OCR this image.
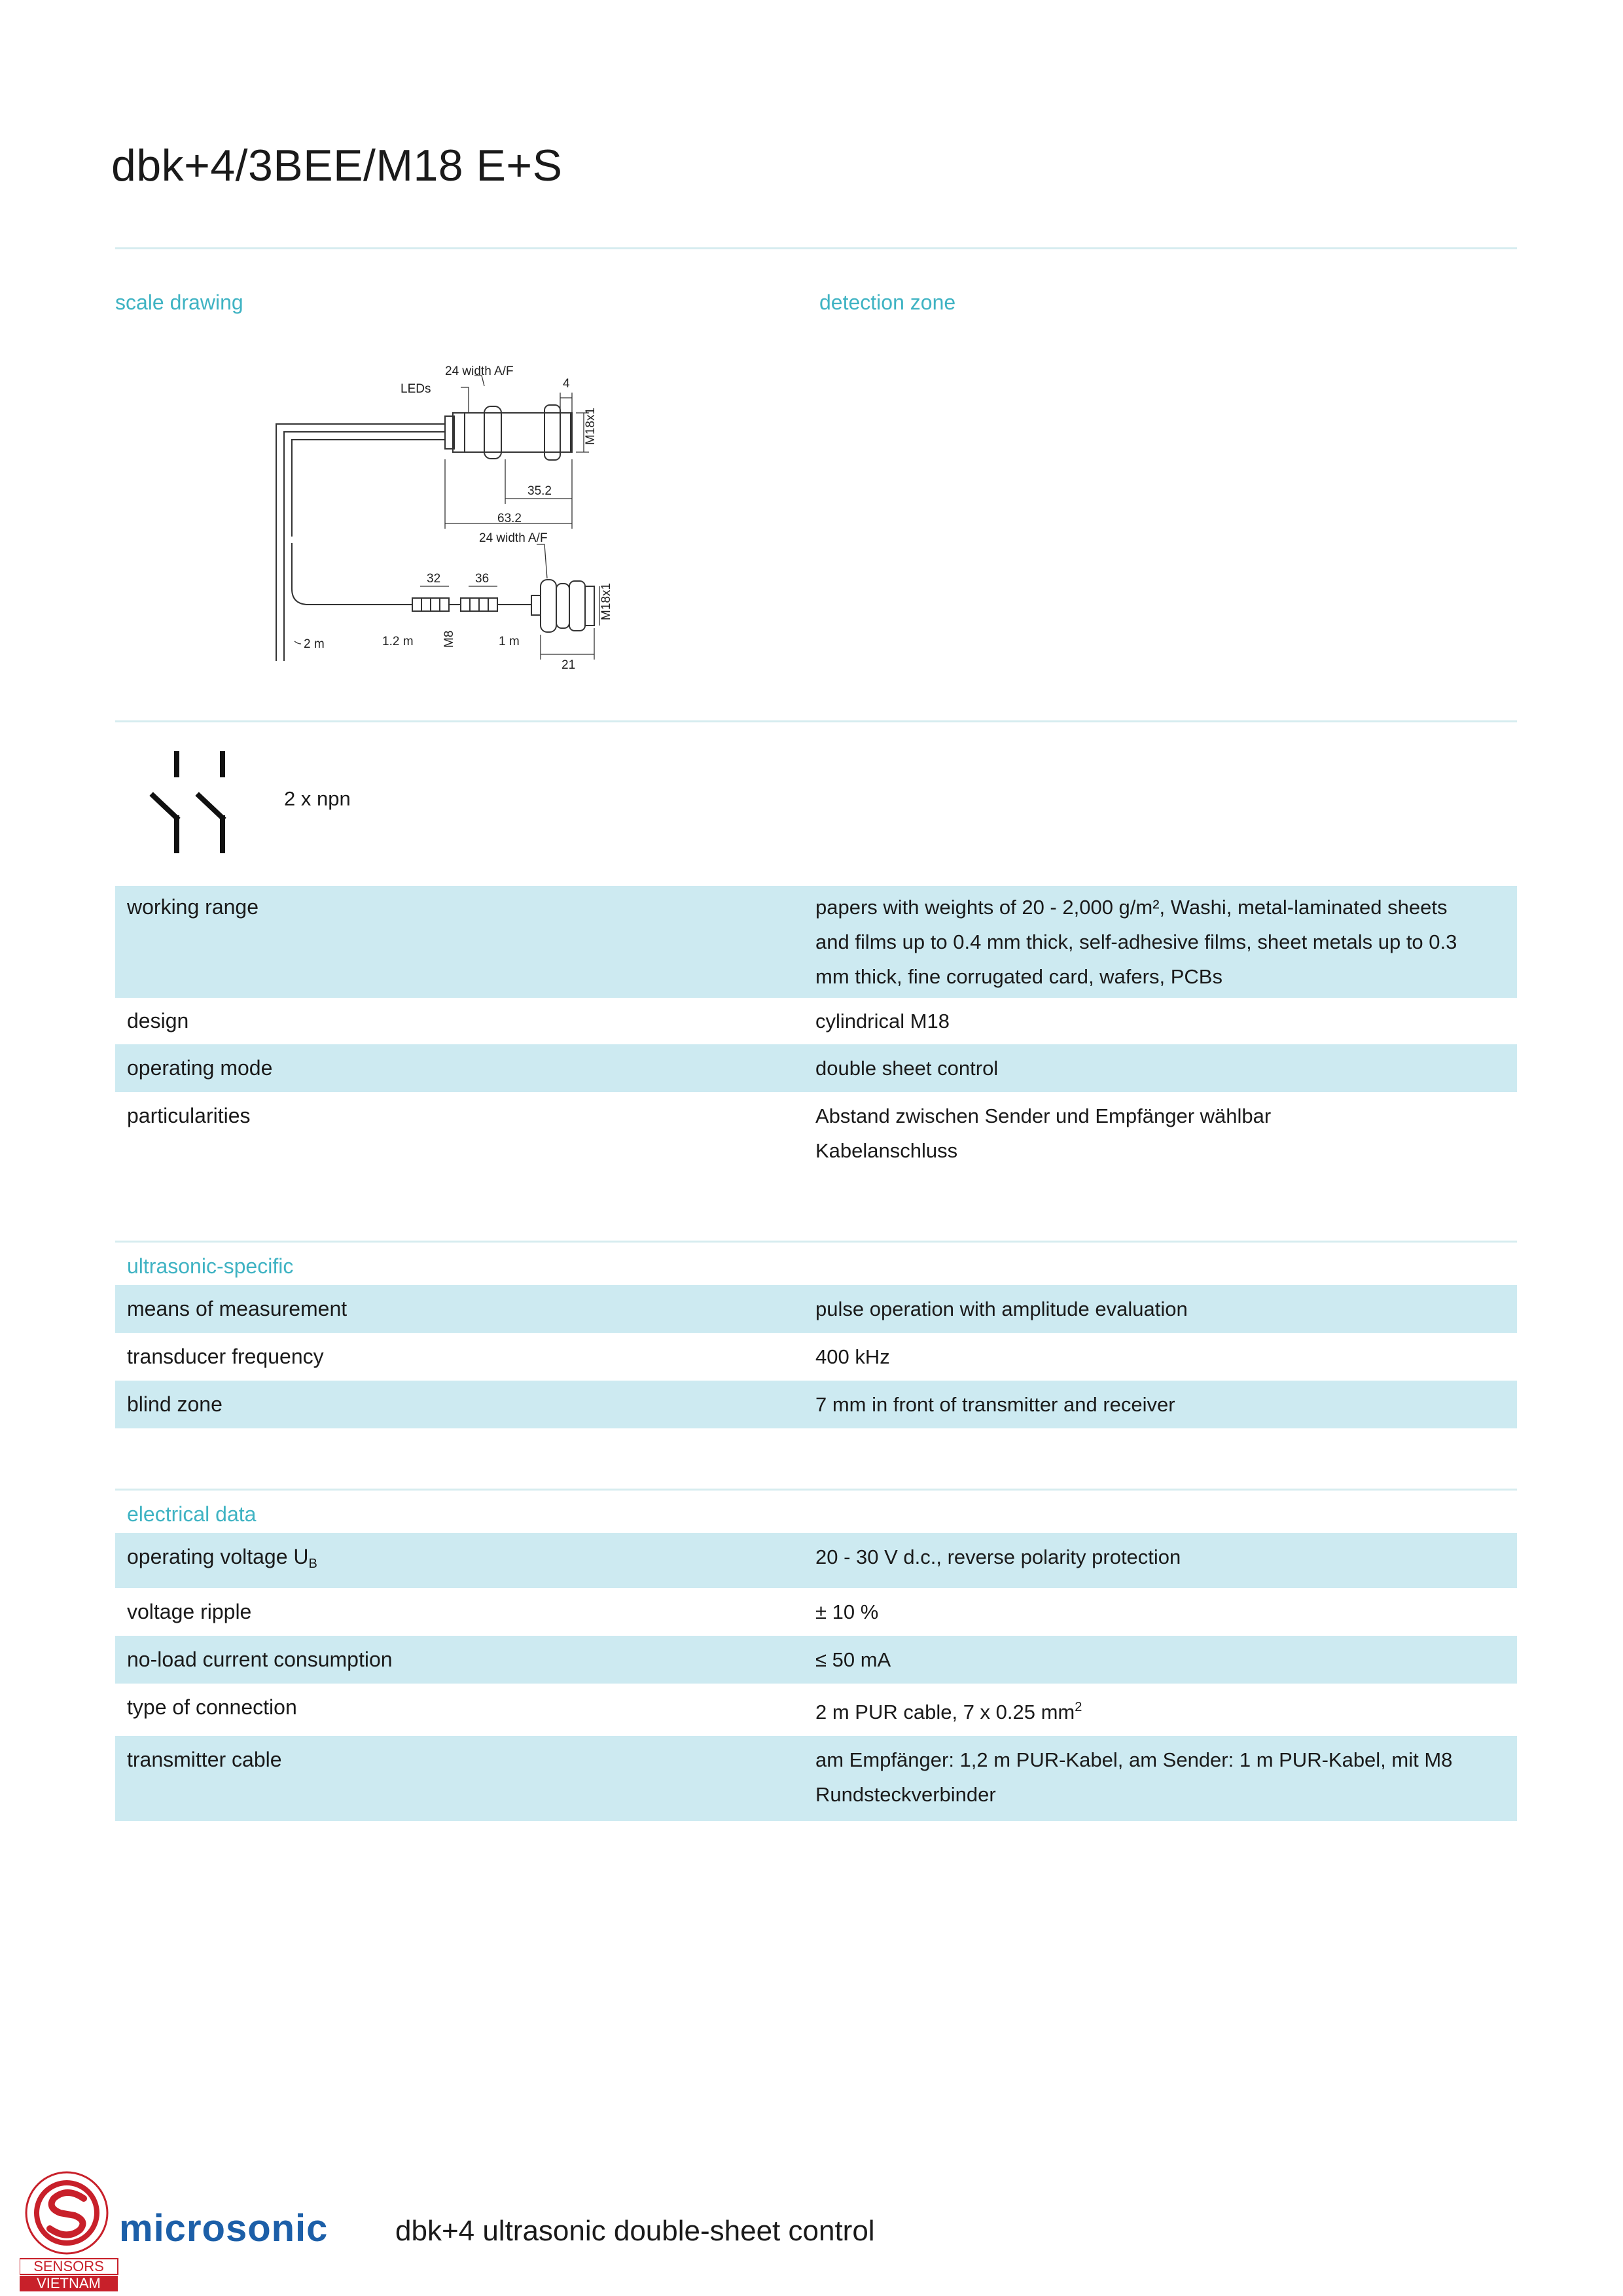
dbk+4/3BEE/M18 E+S
scale drawing	detection zone
LEDs
24 width A/F
4
M18x1
35.2
63.2
24 width A/F
32	36
M18x1
2 m	1.2 m M8	1 m
21
2 x npn
working range	papers with weights of 20 - 2,000 g/m², Washi, metal-laminated sheets
and films up to 0.4 mm thick, self-adhesive films, sheet metals up to 0.3
mm thick, fine corrugated card, wafers, PCBs
design	cylindrical M18
operating mode	double sheet control
particularities	Abstand zwischen Sender und Empfänger wählbar
Kabelanschluss
ultrasonic-specific
means of measurement	pulse operation with amplitude evaluation
transducer frequency	400 kHz
blind zone	7 mm in front of transmitter and receiver
electrical data
operating voltage $U_B$	20 - 30 V d.c., reverse polarity protection
voltage ripple	± 10 %
no-load current consumption	≤ 50 mA
type of connection	2 m PUR cable, 7 x 0.25 $mm^2$
transmitter cable	am Empfänger: 1,2 m PUR-Kabel, am Sender: 1 m PUR-Kabel, mit M8
Rundsteckverbinder
SENSORS
VIETNAM
microsonic dbk+4 ultrasonic double-sheet control
